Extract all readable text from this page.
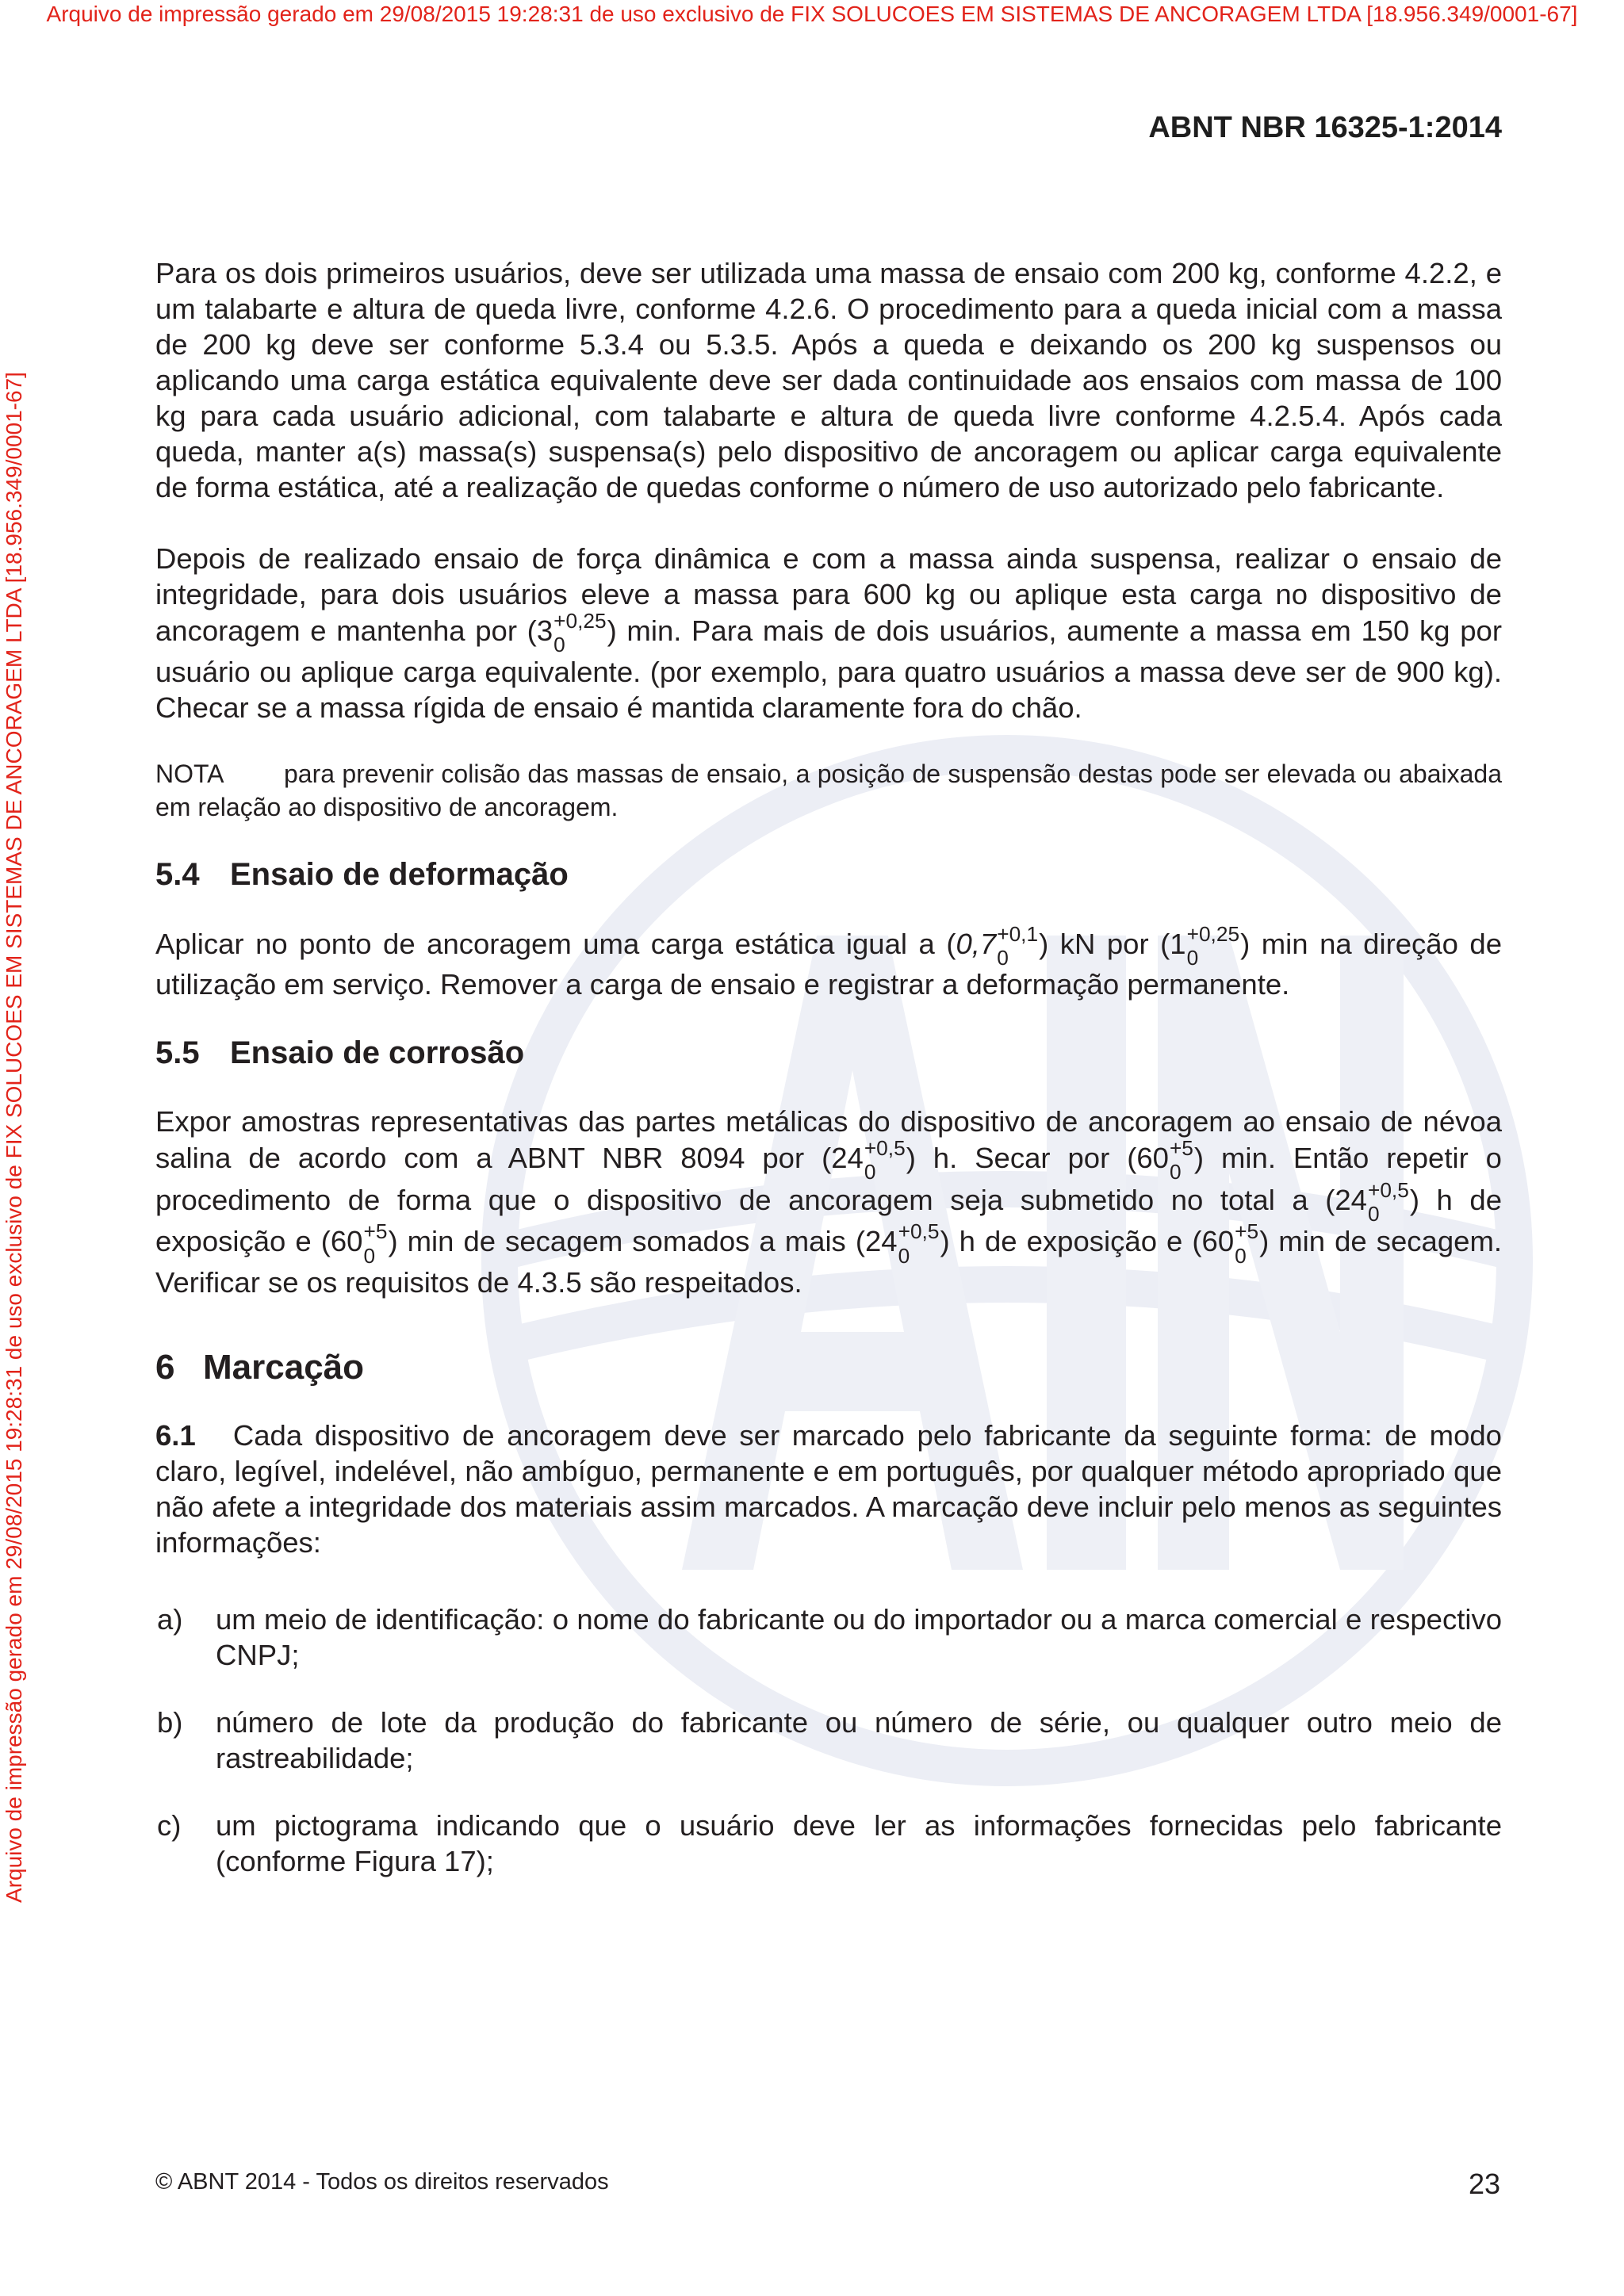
Arquivo de impressão gerado em 29/08/2015 19:28:31 de uso exclusivo de FIX SOLUCOES EM SISTEMAS DE ANCORAGEM LTDA [18.956.349/0001-67]
Arquivo de impressão gerado em 29/08/2015 19:28:31 de uso exclusivo de FIX SOLUCOES EM SISTEMAS DE ANCORAGEM LTDA [18.956.349/0001-67]
ABNT NBR 16325-1:2014

Para os dois primeiros usuários, deve ser utilizada uma massa de ensaio com 200 kg, conforme 4.2.2, e um talabarte e altura de queda livre, conforme 4.2.6. O procedimento para a queda inicial com a massa de 200 kg deve ser conforme 5.3.4 ou 5.3.5. Após a queda e deixando os 200 kg suspensos ou aplicando uma carga estática equivalente deve ser dada continuidade aos ensaios com massa de 100 kg para cada usuário adicional, com talabarte e altura de queda livre conforme 4.2.5.4. Após cada queda, manter a(s) massa(s) suspensa(s) pelo dispositivo de ancoragem ou aplicar carga equivalente de forma estática, até a realização de quedas conforme o número de uso autorizado pelo fabricante.

Depois de realizado ensaio de força dinâmica e com a massa ainda suspensa, realizar o ensaio de integridade, para dois usuários eleve a massa para 600 kg ou aplique esta carga no dispositivo de ancoragem e mantenha por (3 +0,25
0	) min. Para mais de dois usuários, aumente a massa em 150 kg por usuário ou aplique carga equivalente. (por exemplo, para quatro usuários a massa deve ser de 900 kg). Checar se a massa rígida de ensaio é mantida claramente fora do chão.

NOTA para prevenir colisão das massas de ensaio, a posição de suspensão destas pode ser elevada ou abaixada em relação ao dispositivo de ancoragem.

5.4 Ensaio de deformação

Aplicar no ponto de ancoragem uma carga estática igual a (0,7 +0,1
0	) kN por (1 +0,25
0	) min na direção de utilização em serviço. Remover a carga de ensaio e registrar a deformação permanente.

5.5 Ensaio de corrosão

Expor amostras representativas das partes metálicas do dispositivo de ancoragem ao ensaio de névoa salina de acordo com a ABNT NBR 8094 por (24 +0,5
0	) h. Secar por (60 +5
0 ) min. Então repetir o procedimento de forma que o dispositivo de ancoragem seja submetido no total a (24 +0,5
0	) h de exposição e (60 +5
0 ) min de secagem somados a mais (24 +0,5
0	) h de exposição e (60 +5
0 ) min de secagem. Verificar se os requisitos de 4.3.5 são respeitados.

6 Marcação

6.1 Cada dispositivo de ancoragem deve ser marcado pelo fabricante da seguinte forma: de modo claro, legível, indelével, não ambíguo, permanente e em português, por qualquer método apropriado que não afete a integridade dos materiais assim marcados. A marcação deve incluir pelo menos as seguintes informações:

a)	um meio de identificação: o nome do fabricante ou do importador ou a marca comercial e respectivo CNPJ;
b)	número de lote da produção do fabricante ou número de série, ou qualquer outro meio de rastreabilidade;
c)	um pictograma indicando que o usuário deve ler as informações fornecidas pelo fabricante (conforme Figura 17);
© ABNT 2014 - Todos os direitos reservados	23
